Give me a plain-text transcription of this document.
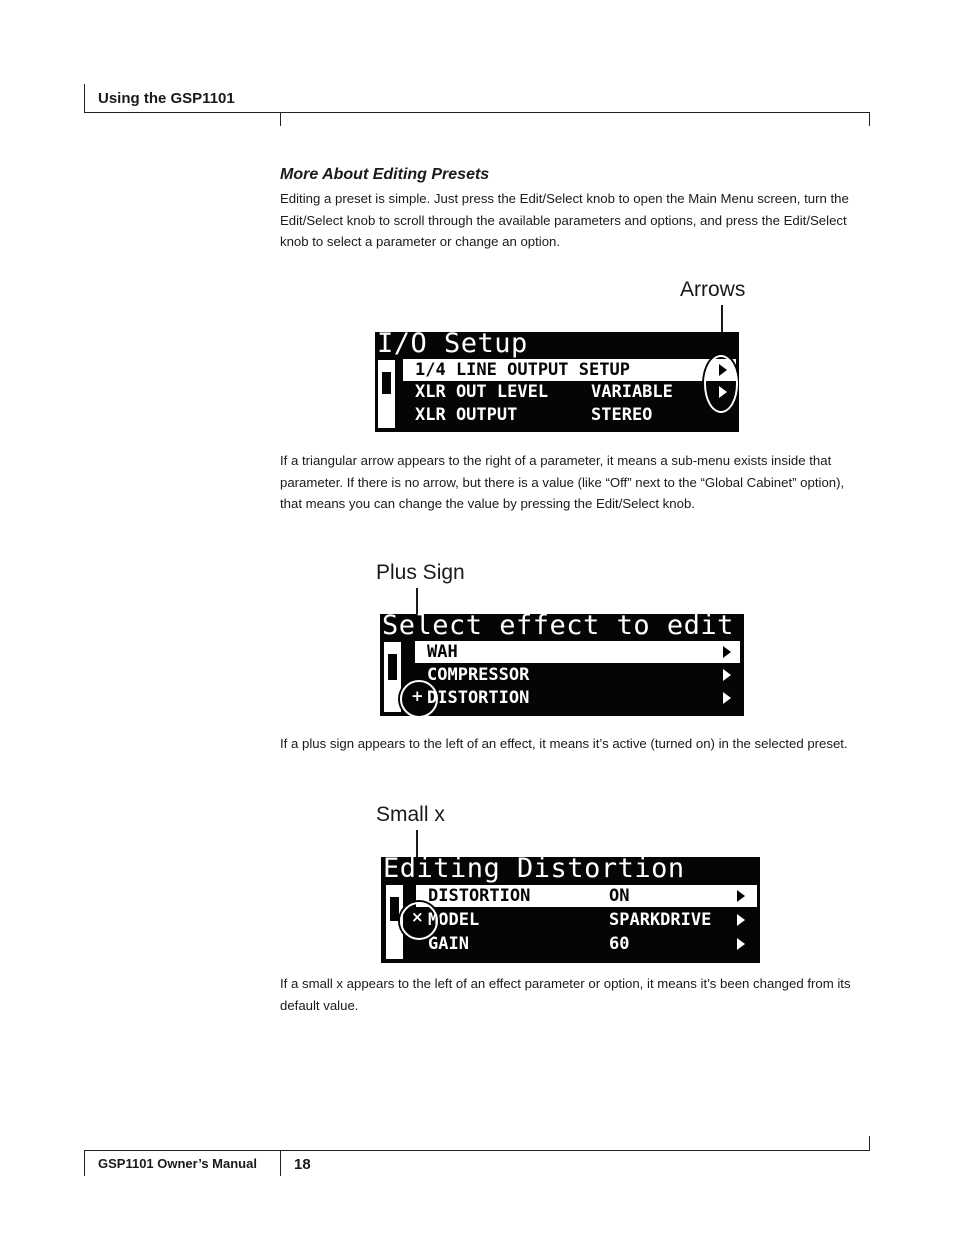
Using the GSP1101
More About Editing Presets
Editing a preset is simple. Just press the Edit/Select knob to open the Main Menu screen, turn the Edit/Select knob to scroll through the available parameters and options, and press the Edit/Select knob to select a parameter or change an option.
Arrows
I/O Setup
1/4 LINE OUTPUT SETUP
XLR OUT LEVEL	VARIABLE
XLR OUTPUT	STEREO
If a triangular arrow appears to the right of a parameter, it means a sub-menu exists inside that parameter. If there is no arrow, but there is a value (like “Off” next to the “Global Cabinet” option), that means you can change the value by pressing the Edit/Select knob.
Plus Sign
Select effect to edit
WAH
COMPRESSOR
DISTORTION
+
If a plus sign appears to the left of an effect, it means it’s active (turned on) in the selected preset.
Small x
Editing Distortion
DISTORTION	ON
MODEL	SPARKDRIVE
GAIN	60
×
If a small x appears to the left of an effect parameter or option, it means it’s been changed from its default value.
GSP1101 Owner’s Manual 18
